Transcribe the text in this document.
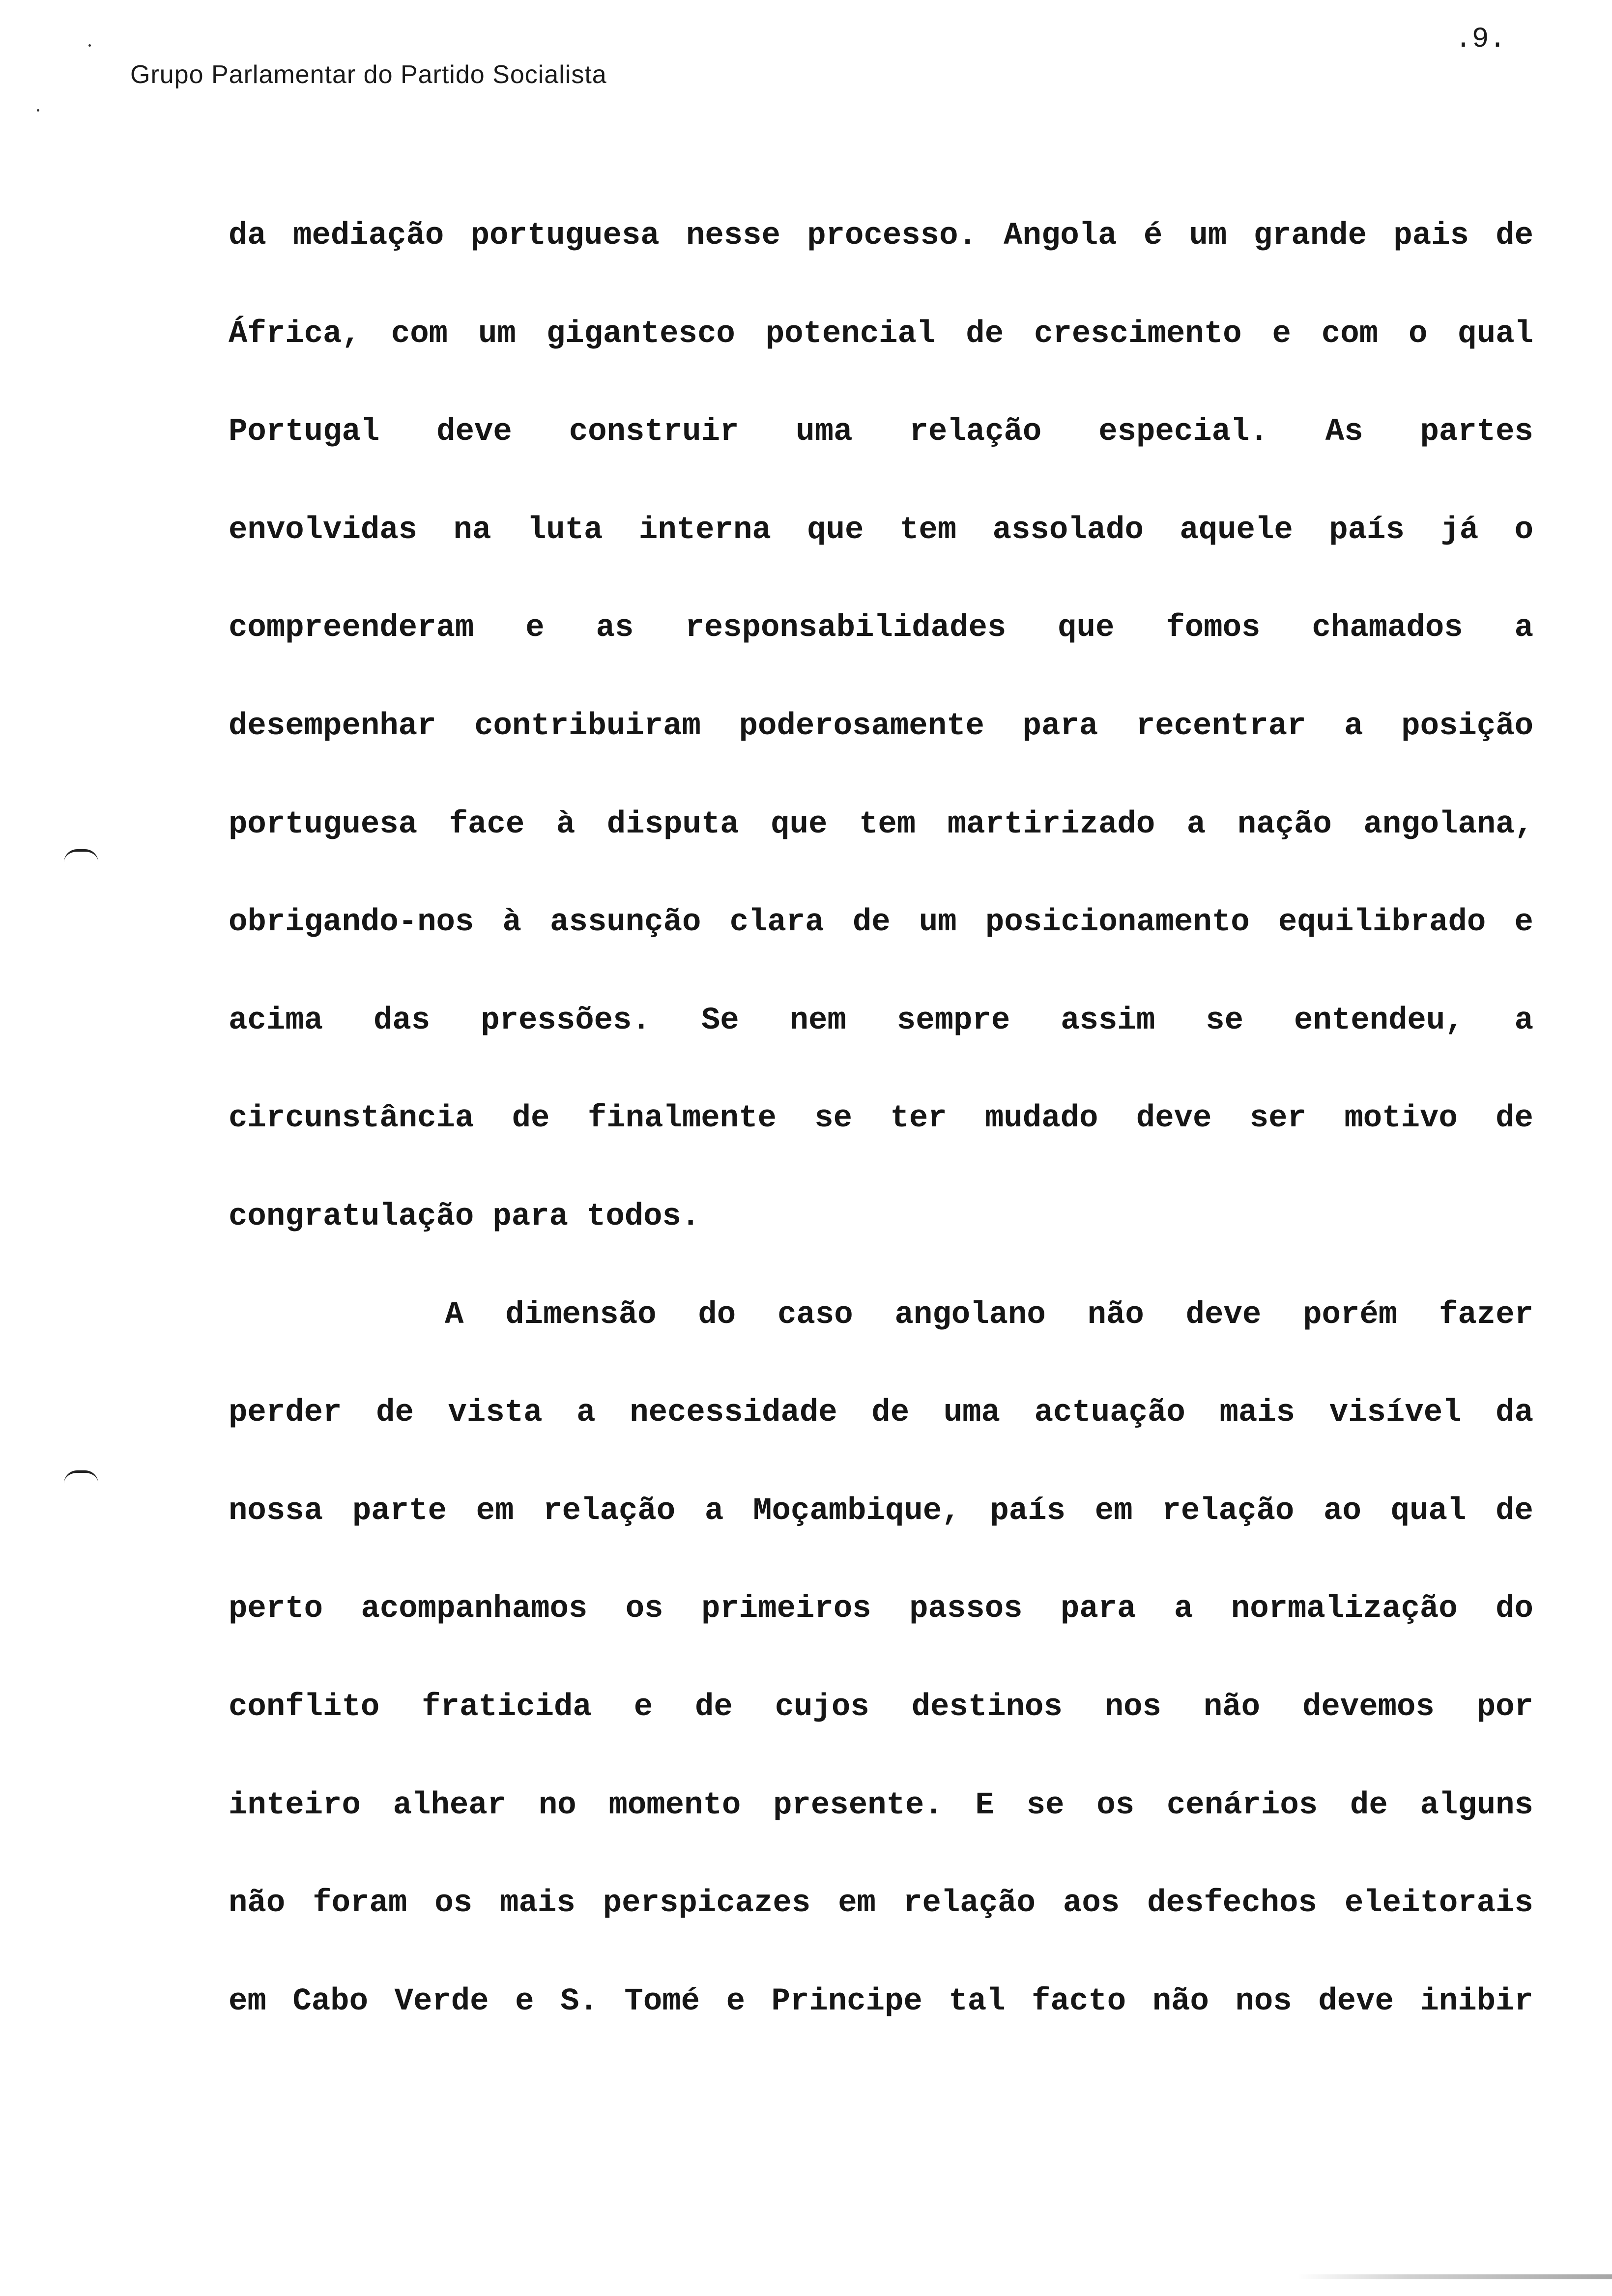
Grupo Parlamentar do Partido Socialista
.9.
da mediação portuguesa nesse processo. Angola é um grande pais de
África, com um gigantesco potencial de crescimento e com o qual
Portugal deve construir uma relação especial. As partes
envolvidas na luta interna que tem assolado aquele país já o
compreenderam e as responsabilidades que fomos chamados a
desempenhar contribuiram poderosamente para recentrar a posição
portuguesa face à disputa que tem martirizado a nação angolana,
obrigando-nos à assunção clara de um posicionamento equilibrado e
acima das pressões. Se nem sempre assim se entendeu, a
circunstância de finalmente se ter mudado deve ser motivo de
congratulação para todos.
A dimensão do caso angolano não deve porém fazer
perder de vista a necessidade de uma actuação mais visível da
nossa parte em relação a Moçambique, país em relação ao qual de
perto acompanhamos os primeiros passos para a normalização do
conflito fraticida e de cujos destinos nos não devemos por
inteiro alhear no momento presente. E se os cenários de alguns
não foram os mais perspicazes em relação aos desfechos eleitorais
em Cabo Verde e S. Tomé e Principe tal facto não nos deve inibir
